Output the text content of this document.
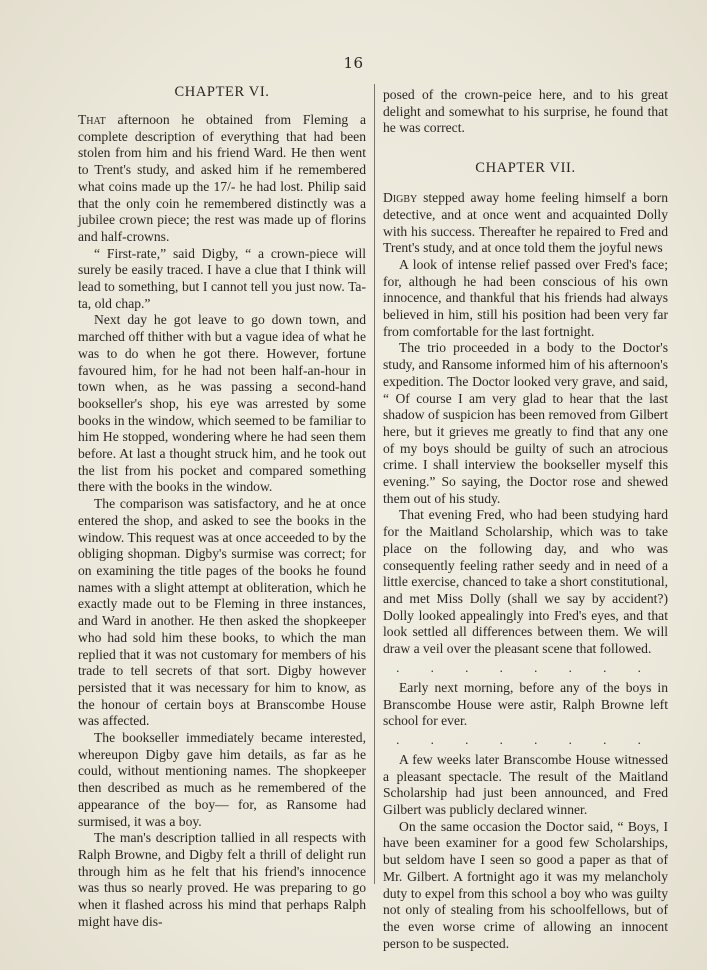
16
CHAPTER VI.

That afternoon he obtained from Fleming a complete description of everything that had been stolen from him and his friend Ward. He then went to Trent's study, and asked him if he remembered what coins made up the 17/- he had lost. Philip said that the only coin he remembered distinctly was a jubilee crown piece; the rest was made up of florins and half-crowns.

“ First-rate,” said Digby, “ a crown-piece will surely be easily traced. I have a clue that I think will lead to something, but I cannot tell you just now. Ta-ta, old chap.”

Next day he got leave to go down town, and marched off thither with but a vague idea of what he was to do when he got there. However, fortune favoured him, for he had not been half-an-hour in town when, as he was passing a second-hand bookseller's shop, his eye was arrested by some books in the window, which seemed to be familiar to him He stopped, wondering where he had seen them before. At last a thought struck him, and he took out the list from his pocket and compared something there with the books in the window.

The comparison was satisfactory, and he at once entered the shop, and asked to see the books in the window. This request was at once acceeded to by the obliging shopman. Digby's surmise was correct; for on examining the title pages of the books he found names with a slight attempt at obliteration, which he exactly made out to be Fleming in three instances, and Ward in another. He then asked the shopkeeper who had sold him these books, to which the man replied that it was not customary for members of his trade to tell secrets of that sort. Digby however persisted that it was necessary for him to know, as the honour of certain boys at Branscombe House was affected.

The bookseller immediately became interested, whereupon Digby gave him details, as far as he could, without mentioning names. The shopkeeper then described as much as he remembered of the appearance of the boy— for, as Ransome had surmised, it was a boy.

The man's description tallied in all respects with Ralph Browne, and Digby felt a thrill of delight run through him as he felt that his friend's innocence was thus so nearly proved. He was preparing to go when it flashed across his mind that perhaps Ralph might have dis-

posed of the crown-peice here, and to his great delight and somewhat to his surprise, he found that he was correct.

CHAPTER VII.

Digby stepped away home feeling himself a born detective, and at once went and acquainted Dolly with his success. Thereafter he repaired to Fred and Trent's study, and at once told them the joyful news

A look of intense relief passed over Fred's face; for, although he had been conscious of his own innocence, and thankful that his friends had always believed in him, still his position had been very far from comfortable for the last fortnight.

The trio proceeded in a body to the Doctor's study, and Ransome informed him of his afternoon's expedition. The Doctor looked very grave, and said, “ Of course I am very glad to hear that the last shadow of suspicion has been removed from Gilbert here, but it grieves me greatly to find that any one of my boys should be guilty of such an atrocious crime. I shall interview the bookseller myself this evening.” So saying, the Doctor rose and shewed them out of his study.

That evening Fred, who had been studying hard for the Maitland Scholarship, which was to take place on the following day, and who was consequently feeling rather seedy and in need of a little exercise, chanced to take a short constitutional, and met Miss Dolly (shall we say by accident?) Dolly looked appealingly into Fred's eyes, and that look settled all differences between them. We will draw a veil over the pleasant scene that followed.

. . . . . . . .

Early next morning, before any of the boys in Branscombe House were astir, Ralph Browne left school for ever.

. . . . . . . .

A few weeks later Branscombe House witnessed a pleasant spectacle. The result of the Maitland Scholarship had just been announced, and Fred Gilbert was publicly declared winner.

On the same occasion the Doctor said, “ Boys, I have been examiner for a good few Scholarships, but seldom have I seen so good a paper as that of Mr. Gilbert. A fortnight ago it was my melancholy duty to expel from this school a boy who was guilty not only of stealing from his schoolfellows, but of the even worse crime of allowing an innocent person to be suspected.
